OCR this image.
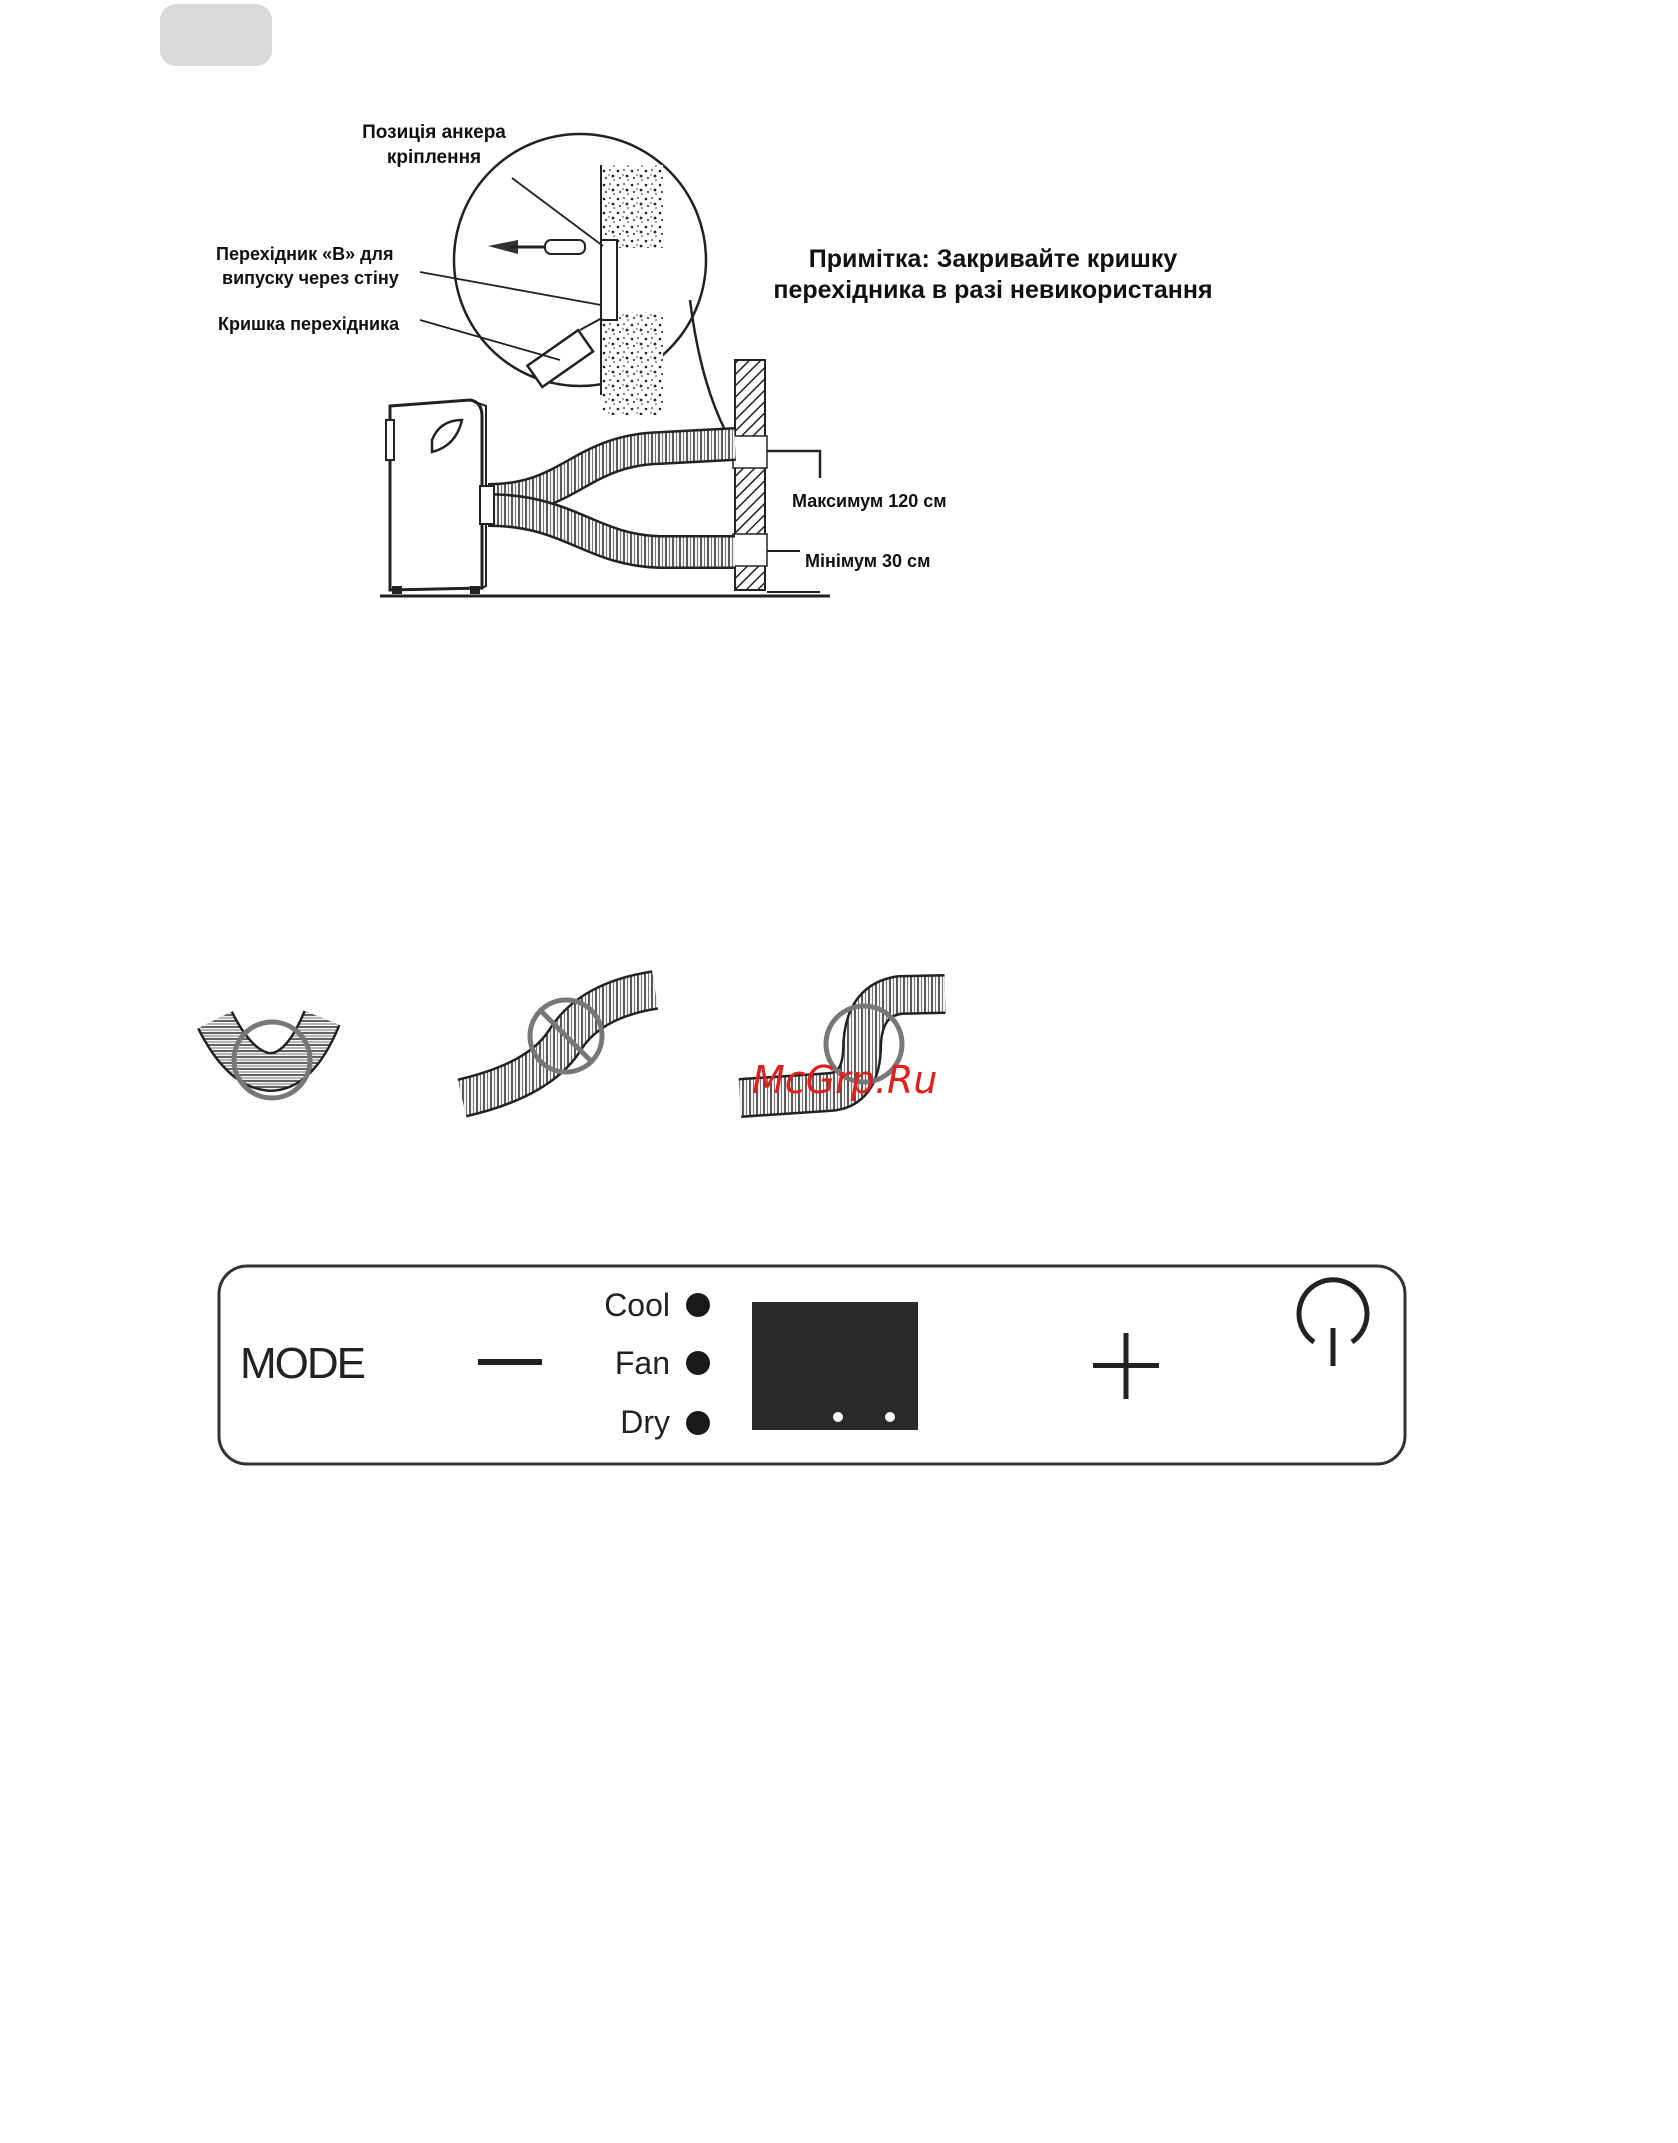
Позиція анкера
кріплення
Перехідник «В» для
випуску через стіну
Кришка перехідника
Максимум 120 см
Мінімум 30 см
Примітка: Закривайте кришку
перехідника в разі невикористання
McGrp.Ru
MODE
Cool
Fan
Dry
